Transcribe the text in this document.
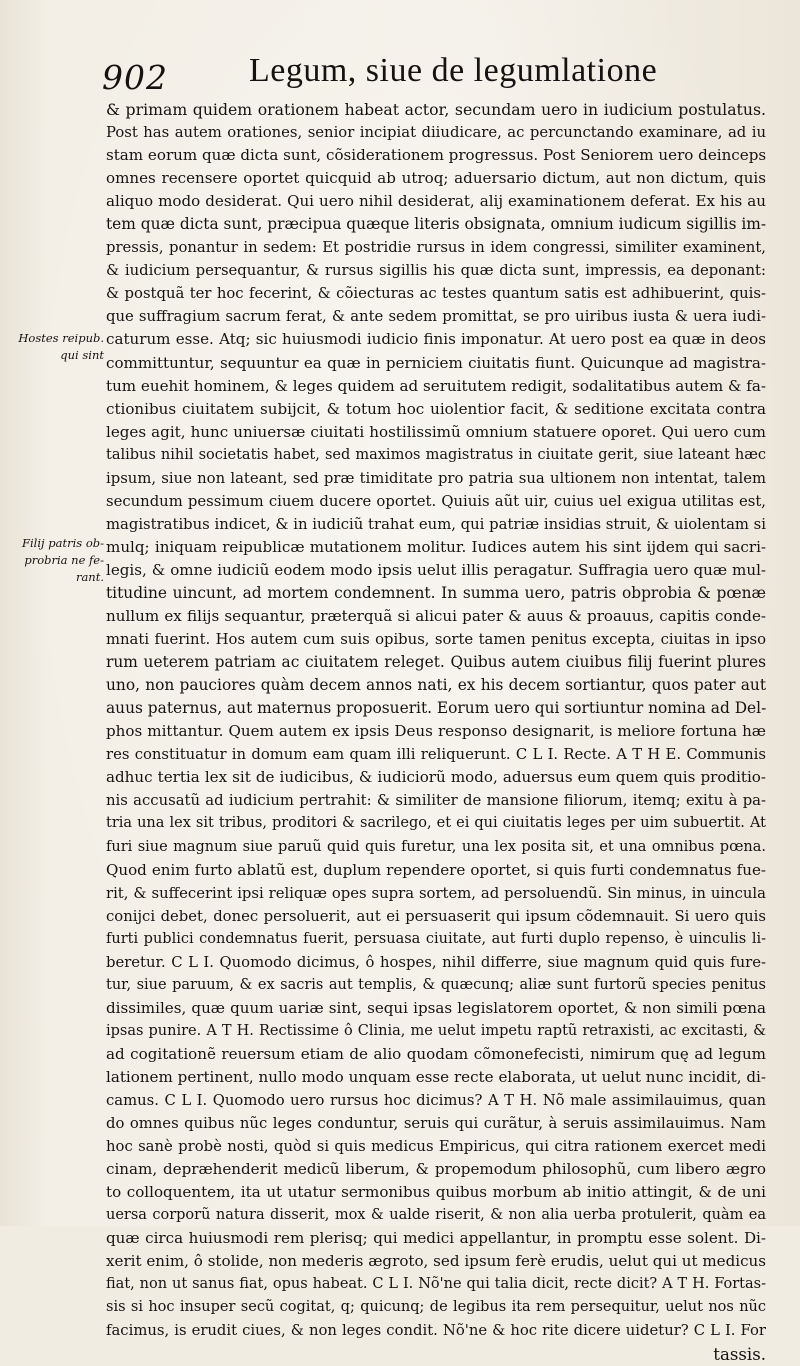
902 Legum, siue de legumlatione
Hostes reipub.
qui sint
Filij patris ob-
probria ne fe-
rant.
& primam quidem orationem habeat actor, secundam uero in iudicium postulatus.
Post has autem orationes, senior incipiat diiudicare, ac percunctando examinare, ad iu
stam eorum quæ dicta sunt, cõsiderationem progressus. Post Seniorem uero deinceps
omnes recensere oportet quicquid ab utroq; aduersario dictum, aut non dictum, quis
aliquo modo desiderat. Qui uero nihil desiderat, alij examinationem deferat. Ex his au
tem quæ dicta sunt, præcipua quæque literis obsignata, omnium iudicum sigillis im-
pressis, ponantur in sedem: Et postridie rursus in idem congressi, similiter examinent,
& iudicium persequantur, & rursus sigillis his quæ dicta sunt, impressis, ea deponant:
& postquã ter hoc fecerint, & cõiecturas ac testes quantum satis est adhibuerint, quis-
que suffragium sacrum ferat, & ante sedem promittat, se pro uiribus iusta & uera iudi-
caturum esse. Atq; sic huiusmodi iudicio finis imponatur. At uero post ea quæ in deos
committuntur, sequuntur ea quæ in perniciem ciuitatis fiunt. Quicunque ad magistra-
tum euehit hominem, & leges quidem ad seruitutem redigit, sodalitatibus autem & fa-
ctionibus ciuitatem subijcit, & totum hoc uiolentior facit, & seditione excitata contra
leges agit, hunc uniuersæ ciuitati hostilissimũ omnium statuere oporet. Qui uero cum
talibus nihil societatis habet, sed maximos magistratus in ciuitate gerit, siue lateant hæc
ipsum, siue non lateant, sed præ timiditate pro patria sua ultionem non intentat, talem
secundum pessimum ciuem ducere oportet. Quiuis aũt uir, cuius uel exigua utilitas est,
magistratibus indicet, & in iudiciũ trahat eum, qui patriæ insidias struit, & uiolentam si
mulq; iniquam reipublicæ mutationem molitur. Iudices autem his sint ijdem qui sacri-
legis, & omne iudiciũ eodem modo ipsis uelut illis peragatur. Suffragia uero quæ mul-
titudine uincunt, ad mortem condemnent. In summa uero, patris obprobia & pœnæ
nullum ex filijs sequantur, præterquã si alicui pater & auus & proauus, capitis conde-
mnati fuerint. Hos autem cum suis opibus, sorte tamen penitus excepta, ciuitas in ipso
rum ueterem patriam ac ciuitatem releget. Quibus autem ciuibus filij fuerint plures
uno, non pauciores quàm decem annos nati, ex his decem sortiantur, quos pater aut
auus paternus, aut maternus proposuerit. Eorum uero qui sortiuntur nomina ad Del-
phos mittantur. Quem autem ex ipsis Deus responso designarit, is meliore fortuna hæ
res constituatur in domum eam quam illi reliquerunt. C L I. Recte. A T H E. Communis
adhuc tertia lex sit de iudicibus, & iudiciorũ modo, aduersus eum quem quis proditio-
nis accusatũ ad iudicium pertrahit: & similiter de mansione filiorum, itemq; exitu à pa-
tria una lex sit tribus, proditori & sacrilego, et ei qui ciuitatis leges per uim subuertit. At
furi siue magnum siue paruũ quid quis furetur, una lex posita sit, et una omnibus pœna.
Quod enim furto ablatũ est, duplum rependere oportet, si quis furti condemnatus fue-
rit, & suffecerint ipsi reliquæ opes supra sortem, ad persoluendũ. Sin minus, in uincula
conijci debet, donec persoluerit, aut ei persuaserit qui ipsum cõdemnauit. Si uero quis
furti publici condemnatus fuerit, persuasa ciuitate, aut furti duplo repenso, è uinculis li-
beretur. C L I. Quomodo dicimus, ô hospes, nihil differre, siue magnum quid quis fure-
tur, siue paruum, & ex sacris aut templis, & quæcunq; aliæ sunt furtorũ species penitus
dissimiles, quæ quum uariæ sint, sequi ipsas legislatorem oportet, & non simili pœna
ipsas punire. A T H. Rectissime ô Clinia, me uelut impetu raptũ retraxisti, ac excitasti, &
ad cogitationẽ reuersum etiam de alio quodam cõmonefecisti, nimirum quę ad legum
lationem pertinent, nullo modo unquam esse recte elaborata, ut uelut nunc incidit, di-
camus. C L I. Quomodo uero rursus hoc dicimus? A T H. Nõ male assimilauimus, quan
do omnes quibus nũc leges conduntur, seruis qui curãtur, à seruis assimilauimus. Nam
hoc sanè probè nosti, quòd si quis medicus Empiricus, qui citra rationem exercet medi
cinam, depræhenderit medicũ liberum, & propemodum philosophũ, cum libero ægro
to colloquentem, ita ut utatur sermonibus quibus morbum ab initio attingit, & de uni
uersa corporũ natura disserit, mox & ualde riserit, & non alia uerba protulerit, quàm ea
quæ circa huiusmodi rem plerisq; qui medici appellantur, in promptu esse solent. Di-
xerit enim, ô stolide, non mederis ægroto, sed ipsum ferè erudis, uelut qui ut medicus
fiat, non ut sanus fiat, opus habeat. C L I. Nõ'ne qui talia dicit, recte dicit? A T H. Fortas-
sis si hoc insuper secũ cogitat, q; quicunq; de legibus ita rem persequitur, uelut nos nũc
facimus, is erudit ciues, & non leges condit. Nõ'ne & hoc rite dicere uidetur? C L I. For
tassis.
